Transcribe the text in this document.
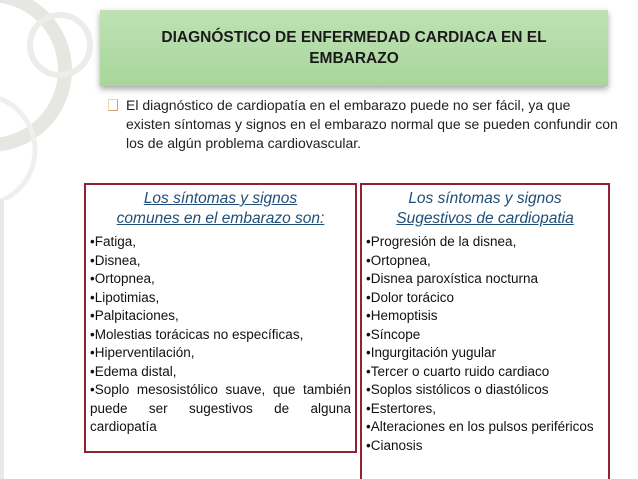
DIAGNÓSTICO DE ENFERMEDAD CARDIACA EN EL
EMBARAZO
El diagnóstico de cardiopatía en el embarazo puede no ser fácil, ya que existen síntomas y signos en el embarazo normal que se pueden confundir con los de algún problema cardiovascular.
Los síntomas y signos
comunes en el embarazo son:
•Fatiga,
•Disnea,
•Ortopnea,
•Lipotimias,
•Palpitaciones,
•Molestias torácicas no específicas,
•Hiperventilación,
•Edema distal,
•Soplo mesosistólico suave, que también puede ser sugestivos de alguna cardiopatía
Los síntomas y signos
Sugestivos de cardiopatia
•Progresión de la disnea,
•Ortopnea,
•Disnea paroxística nocturna
•Dolor torácico
•Hemoptisis
•Síncope
•Ingurgitación yugular
•Tercer o cuarto ruido cardiaco
•Soplos sistólicos o diastólicos
•Estertores,
•Alteraciones en los pulsos periféricos
•Cianosis
